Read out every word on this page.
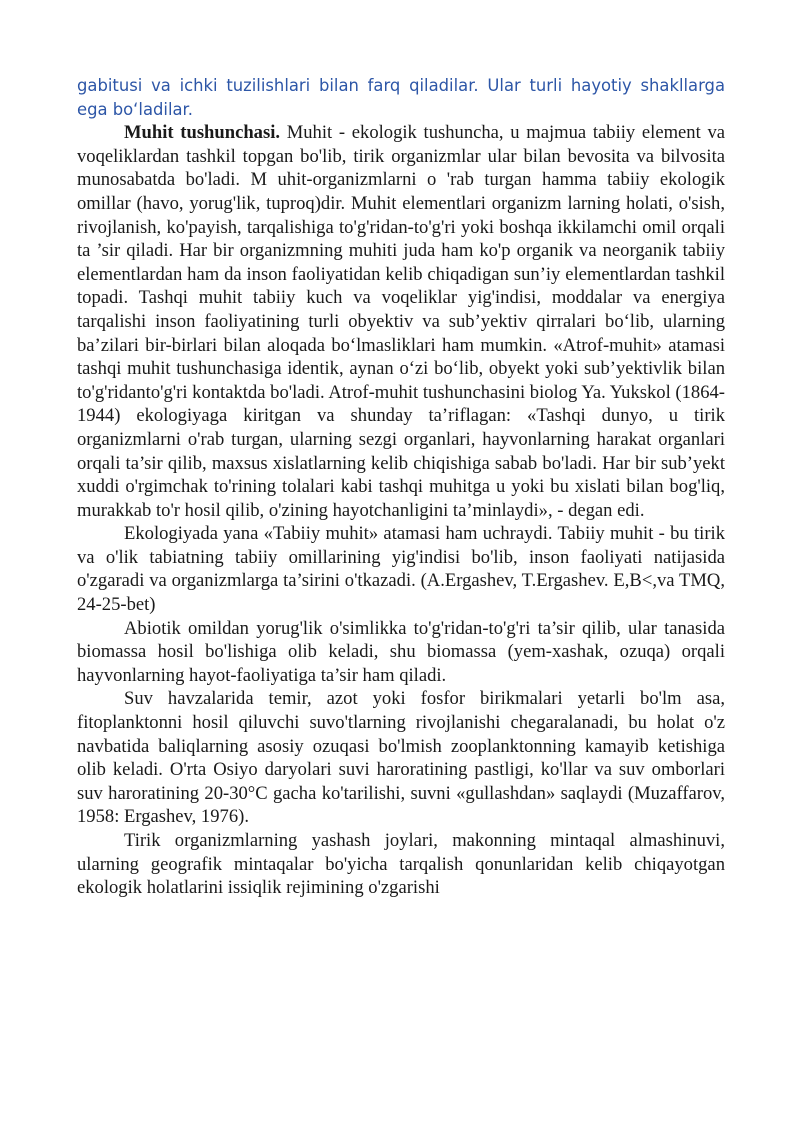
gabitusi va ichki tuzilishlari bilan farq qiladilar. Ular turli hayotiy shakllarga ega bo‘ladilar.

Muhit tushunchasi. Muhit - ekologik tushuncha, u majmua tabiiy element va voqeliklardan tashkil topgan bo'lib, tirik organizmlar ular bilan bevosita va bilvosita munosabatda bo'ladi. M uhit-organizmlarni o 'rab turgan hamma tabiiy ekologik omillar (havo, yorug'lik, tuproq)dir. Muhit elementlari organizm larning holati, o'sish, rivojlanish, ko'payish, tarqalishiga to'g'ridan-to'g'ri yoki boshqa ikkilamchi omil orqali ta ’sir qiladi. Har bir organizmning muhiti juda ham ko'p organik va neorganik tabiiy elementlardan ham da inson faoliyatidan kelib chiqadigan sun’iy elementlardan tashkil topadi. Tashqi muhit tabiiy kuch va voqeliklar yig'indisi, moddalar va energiya tarqalishi inson faoliyatining turli obyektiv va sub’yektiv qirralari bo‘lib, ularning ba’zilari bir-birlari bilan aloqada bo‘lmasliklari ham mumkin. «Atrof-muhit» atamasi tashqi muhit tushunchasiga identik, aynan o‘zi bo‘lib, obyekt yoki sub’yektivlik bilan to'g'ridanto'g'ri kontaktda bo'ladi. Atrof-muhit tushunchasini biolog Ya. Yukskol (1864-1944) ekologiyaga kiritgan va shunday ta’riflagan: «Tashqi dunyo, u tirik organizmlarni o'rab turgan, ularning sezgi organlari, hayvonlarning harakat organlari orqali ta’sir qilib, maxsus xislatlarning kelib chiqishiga sabab bo'ladi. Har bir sub’yekt xuddi o'rgimchak to'rining tolalari kabi tashqi muhitga u yoki bu xislati bilan bog'liq, murakkab to'r hosil qilib, o'zining hayotchanligini ta’minlaydi», - degan edi.

Ekologiyada yana «Tabiiy muhit» atamasi ham uchraydi. Tabiiy muhit - bu tirik va o'lik tabiatning tabiiy omillarining yig'indisi bo'lib, inson faoliyati natijasida o'zgaradi va organizmlarga ta’sirini o'tkazadi. (A.Ergashev, T.Ergashev. E,B<,va TMQ, 24-25-bet)

Abiotik omildan yorug'lik o'simlikka to'g'ridan-to'g'ri ta’sir qilib, ular tanasida biomassa hosil bo'lishiga olib keladi, shu biomassa (yem-xashak, ozuqa) orqali hayvonlarning hayot-faoliyatiga ta’sir ham qiladi.

Suv havzalarida temir, azot yoki fosfor birikmalari yetarli bo'lm asa, fitoplanktonni hosil qiluvchi suvo'tlarning rivojlanishi chegaralanadi, bu holat o'z navbatida baliqlarning asosiy ozuqasi bo'lmish zooplanktonning kamayib ketishiga olib keladi. O'rta Osiyo daryolari suvi haroratining pastligi, ko'llar va suv omborlari suv haroratining 20-30°C gacha ko'tarilishi, suvni «gullashdan» saqlaydi (Muzaffarov, 1958: Ergashev, 1976).

Tirik organizmlarning yashash joylari, makonning mintaqal almashinuvi, ularning geografik mintaqalar bo'yicha tarqalish qonunlaridan kelib chiqayotgan ekologik holatlarini issiqlik rejimining o'zgarishi
